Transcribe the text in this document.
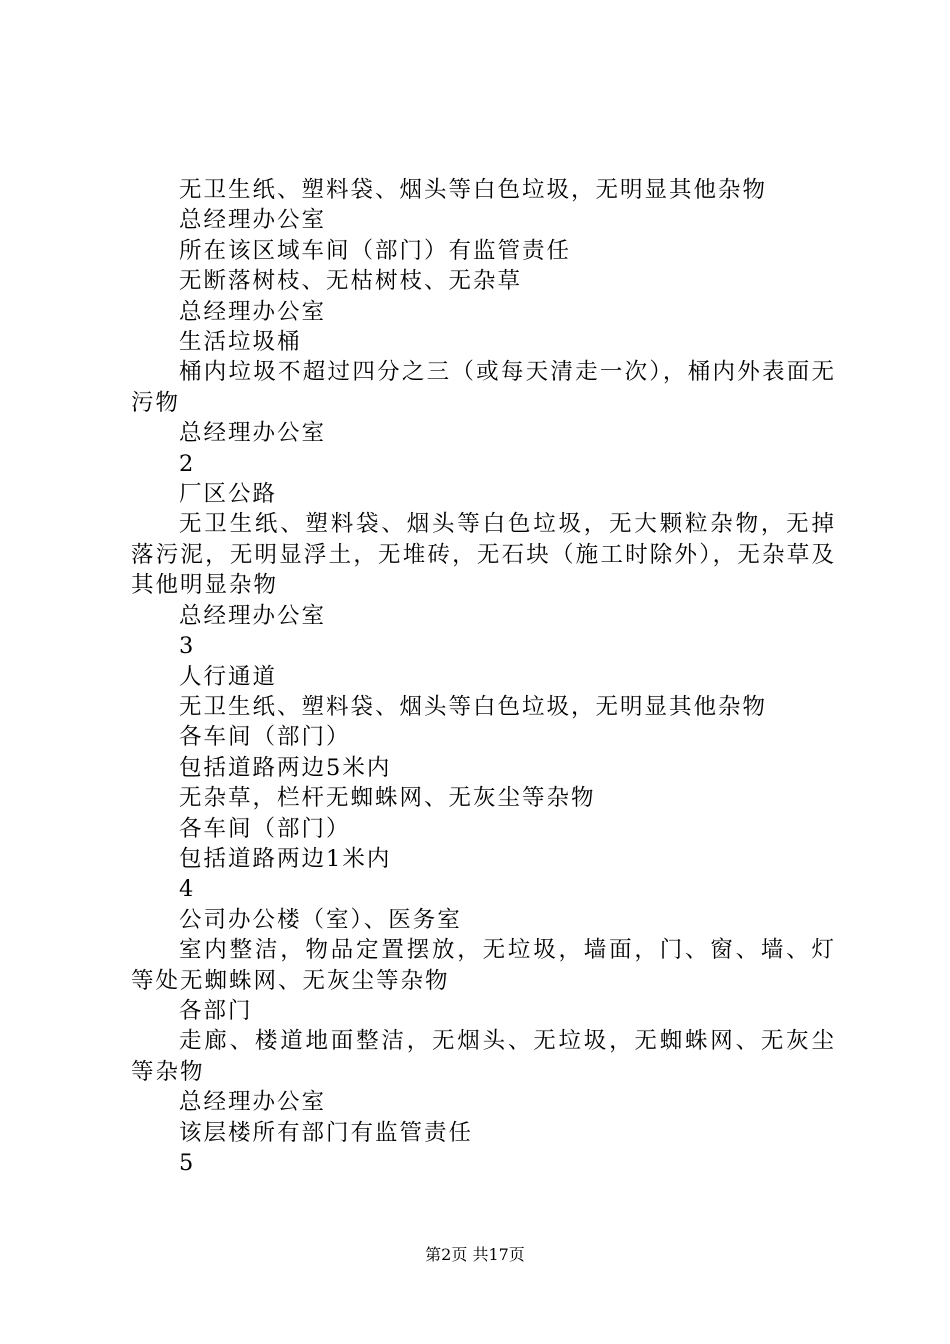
无卫生纸、塑料袋、烟头等白色垃圾，无明显其他杂物

总经理办公室

所在该区域车间（部门）有监管责任

无断落树枝、无枯树枝、无杂草

总经理办公室

生活垃圾桶

桶内垃圾不超过四分之三（或每天清走一次），桶内外表面无污物

总经理办公室

2

厂区公路

无卫生纸、塑料袋、烟头等白色垃圾，无大颗粒杂物，无掉落污泥，无明显浮土，无堆砖，无石块（施工时除外），无杂草及其他明显杂物

总经理办公室

3

人行通道

无卫生纸、塑料袋、烟头等白色垃圾，无明显其他杂物

各车间（部门）

包括道路两边5米内

无杂草，栏杆无蜘蛛网、无灰尘等杂物

各车间（部门）

包括道路两边1米内

4

公司办公楼（室）、医务室

室内整洁，物品定置摆放，无垃圾，墙面，门、窗、墙、灯等处无蜘蛛网、无灰尘等杂物

各部门

走廊、楼道地面整洁，无烟头、无垃圾，无蜘蛛网、无灰尘等杂物

总经理办公室

该层楼所有部门有监管责任

5

第2页 共17页
